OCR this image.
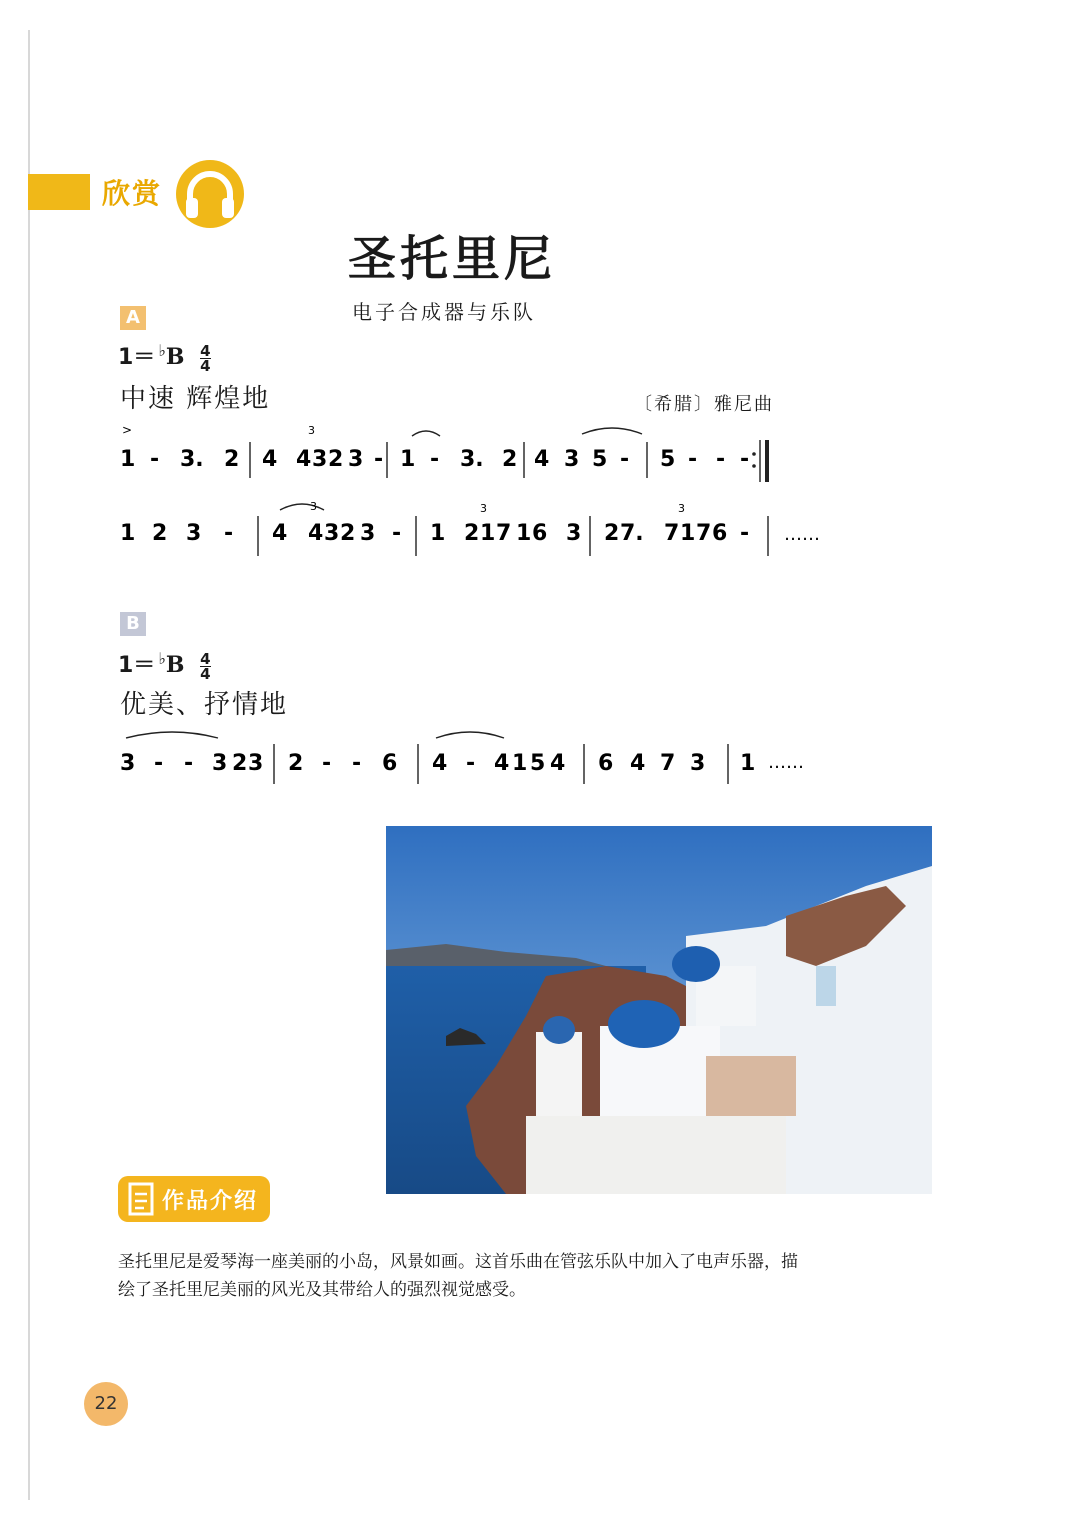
欣赏
圣托里尼
电子合成器与乐队
A
$1= ^♭B \frac{4}{4}$
中速 辉煌地	〔希腊〕雅尼曲
1 - 3. 2 4 4 3 2 3 - 1 - 3. 2 4 3 5 - 5 - - -
3
>
1 2 3 - 4 4 3 2 3 - 1 2 1 7 1 6 3 2 7. 7 1 7 6 -
3	3	3
……
B
$1= ^♭B \frac{4}{4}$
优美、抒情地
3 - - 3 2 3 2 - - 6 4 - 4 1 5 4 6 4 7 3 1 ……
作品介绍
圣托里尼是爱琴海一座美丽的小岛，风景如画。这首乐曲在管弦乐队中加入了电声乐器，描绘了圣托里尼美丽的风光及其带给人的强烈视觉感受。
22
